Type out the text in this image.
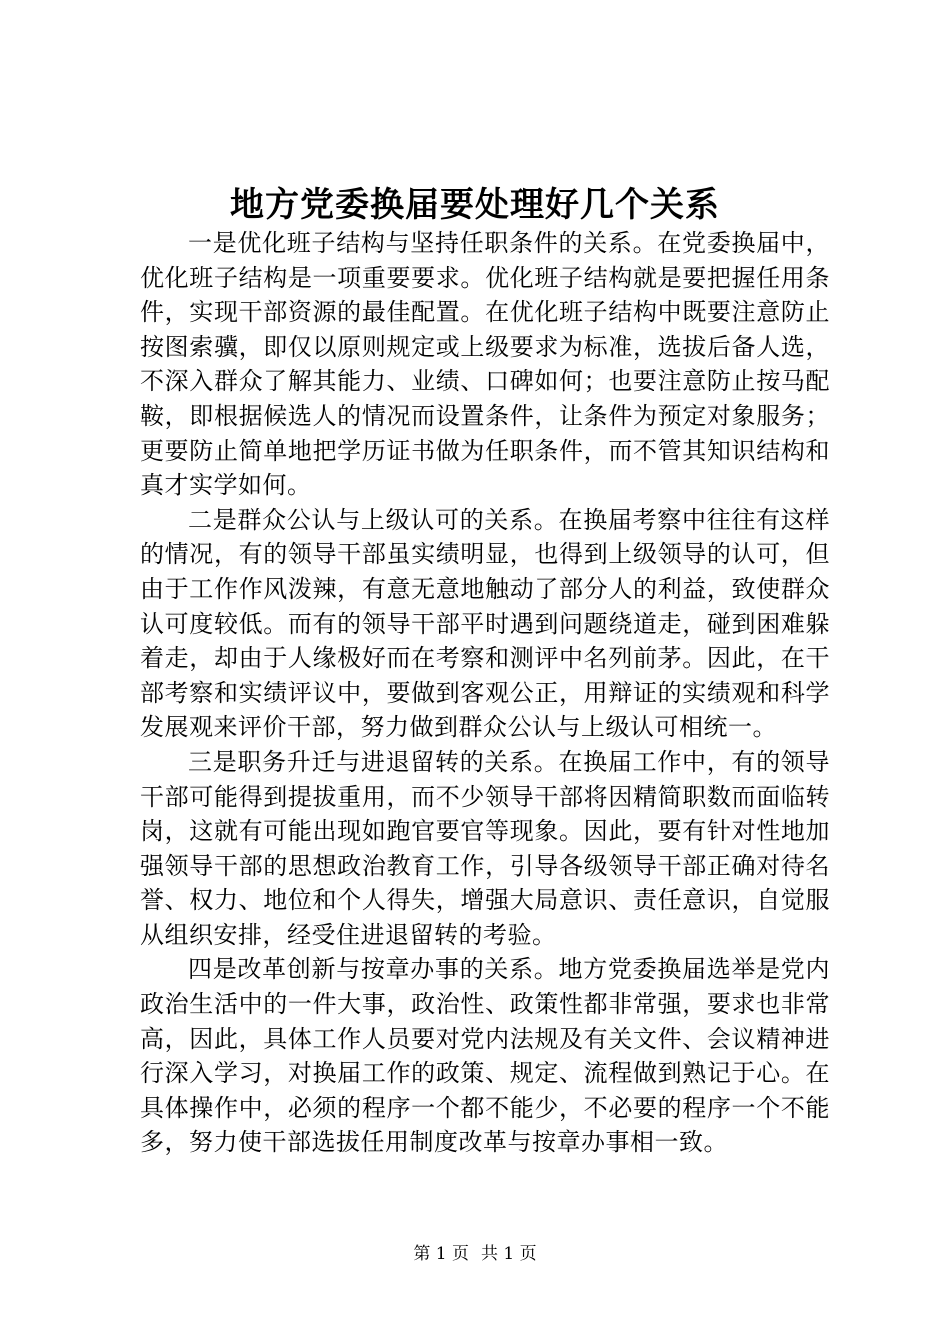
地方党委换届要处理好几个关系

一是优化班子结构与坚持任职条件的关系。在党委换届中，优化班子结构是一项重要要求。优化班子结构就是要把握任用条件，实现干部资源的最佳配置。在优化班子结构中既要注意防止按图索骥，即仅以原则规定或上级要求为标准，选拔后备人选，不深入群众了解其能力、业绩、口碑如何；也要注意防止按马配鞍，即根据候选人的情况而设置条件，让条件为预定对象服务；更要防止简单地把学历证书做为任职条件，而不管其知识结构和真才实学如何。

二是群众公认与上级认可的关系。在换届考察中往往有这样的情况，有的领导干部虽实绩明显，也得到上级领导的认可，但由于工作作风泼辣，有意无意地触动了部分人的利益，致使群众认可度较低。而有的领导干部平时遇到问题绕道走，碰到困难躲着走，却由于人缘极好而在考察和测评中名列前茅。因此，在干部考察和实绩评议中，要做到客观公正，用辩证的实绩观和科学发展观来评价干部，努力做到群众公认与上级认可相统一。

三是职务升迁与进退留转的关系。在换届工作中，有的领导干部可能得到提拔重用，而不少领导干部将因精简职数而面临转岗，这就有可能出现如跑官要官等现象。因此，要有针对性地加强领导干部的思想政治教育工作，引导各级领导干部正确对待名誉、权力、地位和个人得失，增强大局意识、责任意识，自觉服从组织安排，经受住进退留转的考验。

四是改革创新与按章办事的关系。地方党委换届选举是党内政治生活中的一件大事，政治性、政策性都非常强，要求也非常高，因此，具体工作人员要对党内法规及有关文件、会议精神进行深入学习，对换届工作的政策、规定、流程做到熟记于心。在具体操作中，必须的程序一个都不能少，不必要的程序一个不能多，努力使干部选拔任用制度改革与按章办事相一致。

第 1 页 共 1 页
